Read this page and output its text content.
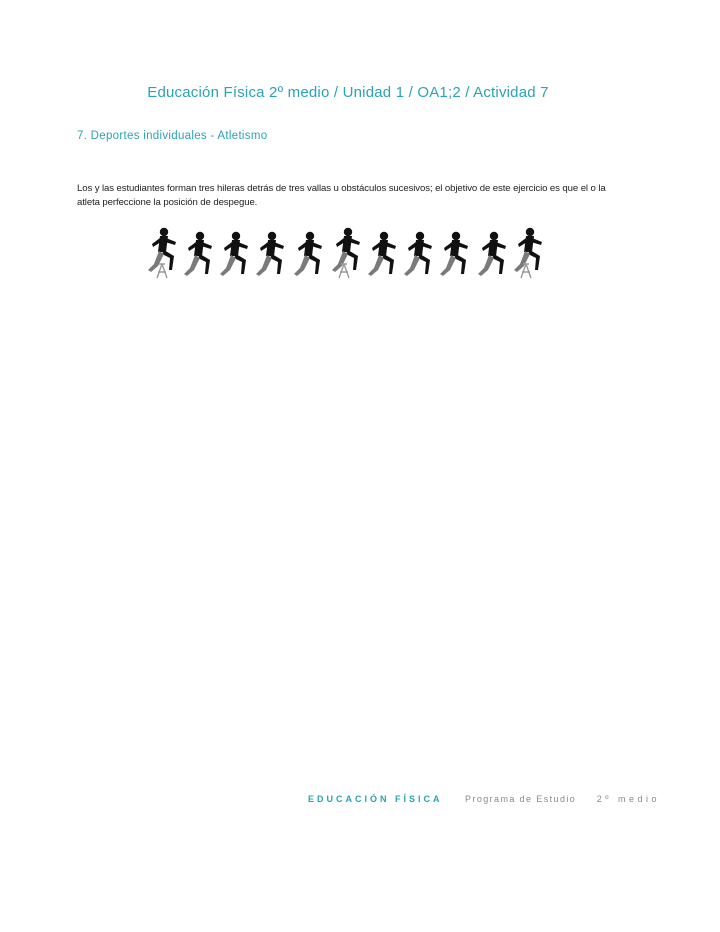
Educación Física 2º medio / Unidad 1 / OA1;2 / Actividad 7
7. Deportes individuales - Atletismo

Los y las estudiantes forman tres hileras detrás de tres vallas u obstáculos sucesivos; el objetivo de este ejercicio es que el o la atleta perfeccione la posición de despegue.

EDUCACIÓN FÍSICA	Programa de Estudio 2º medio
